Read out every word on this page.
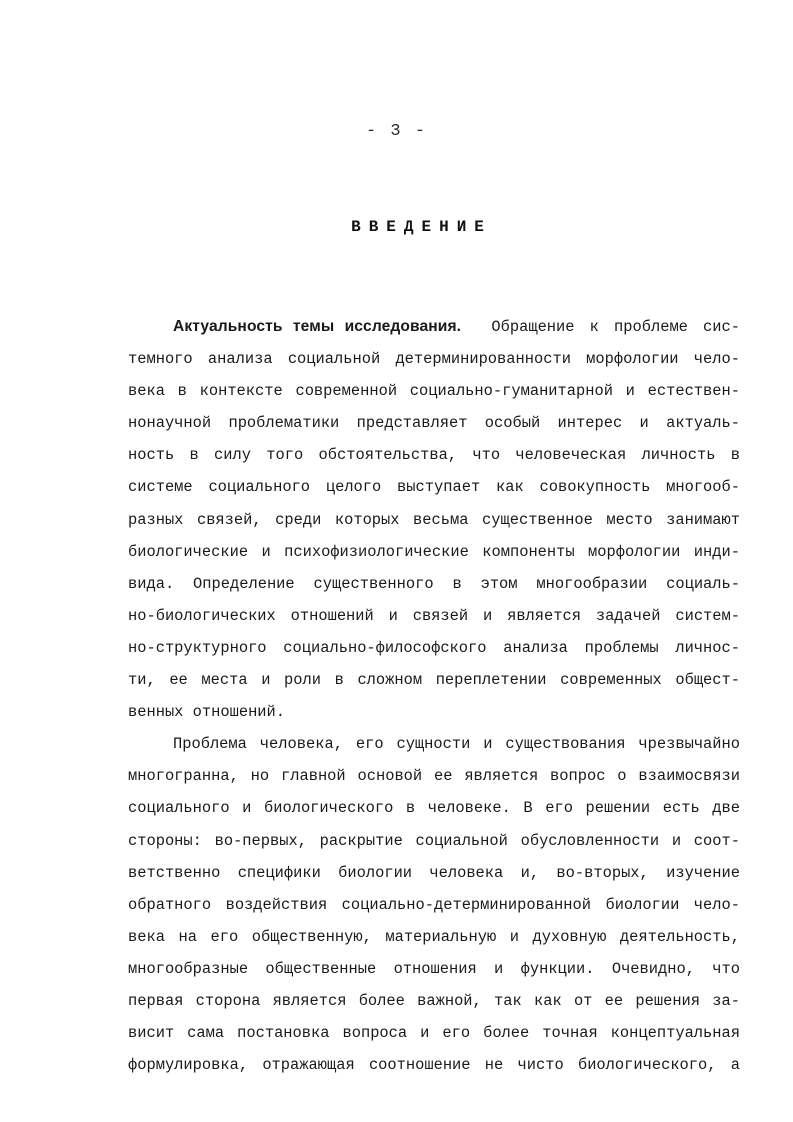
- 3 -
ВВЕДЕНИЕ
Актуальность темы исследования. Обращение к проблеме сис-
темного анализа социальной детерминированности морфологии чело-
века в контексте современной социально-гуманитарной и естествен-
нонаучной проблематики представляет особый интерес и актуаль-
ность в силу того обстоятельства, что человеческая личность в
системе социального целого выступает как совокупность многооб-
разных связей, среди которых весьма существенное место занимают
биологические и психофизиологические компоненты морфологии инди-
вида. Определение существенного в этом многообразии социаль-
но-биологических отношений и связей и является задачей систем-
но-структурного социально-философского анализа проблемы личнос-
ти, ее места и роли в сложном переплетении современных общест-
венных отношений.
Проблема человека, его сущности и существования чрезвычайно
многогранна, но главной основой ее является вопрос о взаимосвязи
социального и биологического в человеке. В его решении есть две
стороны: во-первых, раскрытие социальной обусловленности и соот-
ветственно специфики биологии человека и, во-вторых, изучение
обратного воздействия социально-детерминированной биологии чело-
века на его общественную, материальную и духовную деятельность,
многообразные общественные отношения и функции. Очевидно, что
первая сторона является более важной, так как от ее решения за-
висит сама постановка вопроса и его более точная концептуальная
формулировка, отражающая соотношение не чисто биологического, а
